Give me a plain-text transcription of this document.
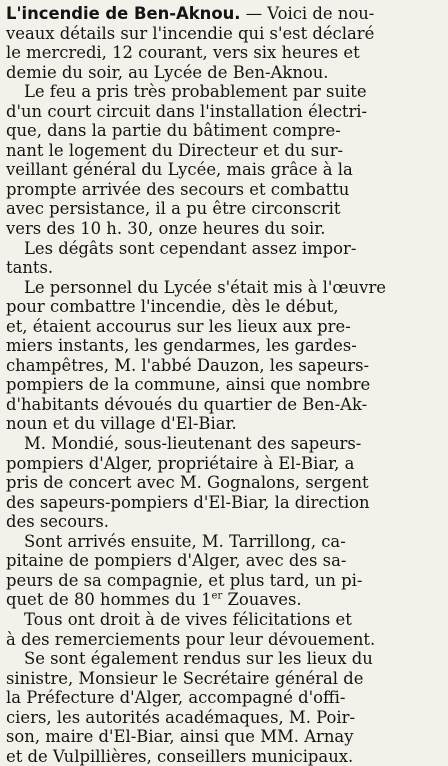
L'incendie de Ben-Aknou. — Voici de nou-
veaux détails sur l'incendie qui s'est déclaré
le mercredi, 12 courant, vers six heures et
demie du soir, au Lycée de Ben-Aknou.

Le feu a pris très probablement par suite
d'un court circuit dans l'installation électri-
que, dans la partie du bâtiment compre-
nant le logement du Directeur et du sur-
veillant général du Lycée, mais grâce à la
prompte arrivée des secours et combattu
avec persistance, il a pu être circonscrit
vers des 10 h. 30, onze heures du soir.

Les dégâts sont cependant assez impor-
tants.

Le personnel du Lycée s'était mis à l'œuvre
pour combattre l'incendie, dès le début,
et, étaient accourus sur les lieux aux pre-
miers instants, les gendarmes, les gardes-
champêtres, M. l'abbé Dauzon, les sapeurs-
pompiers de la commune, ainsi que nombre
d'habitants dévoués du quartier de Ben-Ak-
noun et du village d'El-Biar.

M. Mondié, sous-lieutenant des sapeurs-
pompiers d'Alger, propriétaire à El-Biar, a
pris de concert avec M. Gognalons, sergent
des sapeurs-pompiers d'El-Biar, la direction
des secours.

Sont arrivés ensuite, M. Tarrillong, ca-
pitaine de pompiers d'Alger, avec des sa-
peurs de sa compagnie, et plus tard, un pi-
quet de 80 hommes du 1er Zouaves.

Tous ont droit à de vives félicitations et
à des remerciements pour leur dévouement.

Se sont également rendus sur les lieux du
sinistre, Monsieur le Secrétaire général de
la Préfecture d'Alger, accompagné d'offi-
ciers, les autorités académaques, M. Poir-
son, maire d'El-Biar, ainsi que MM. Arnay
et de Vulpillières, conseillers municipaux.
